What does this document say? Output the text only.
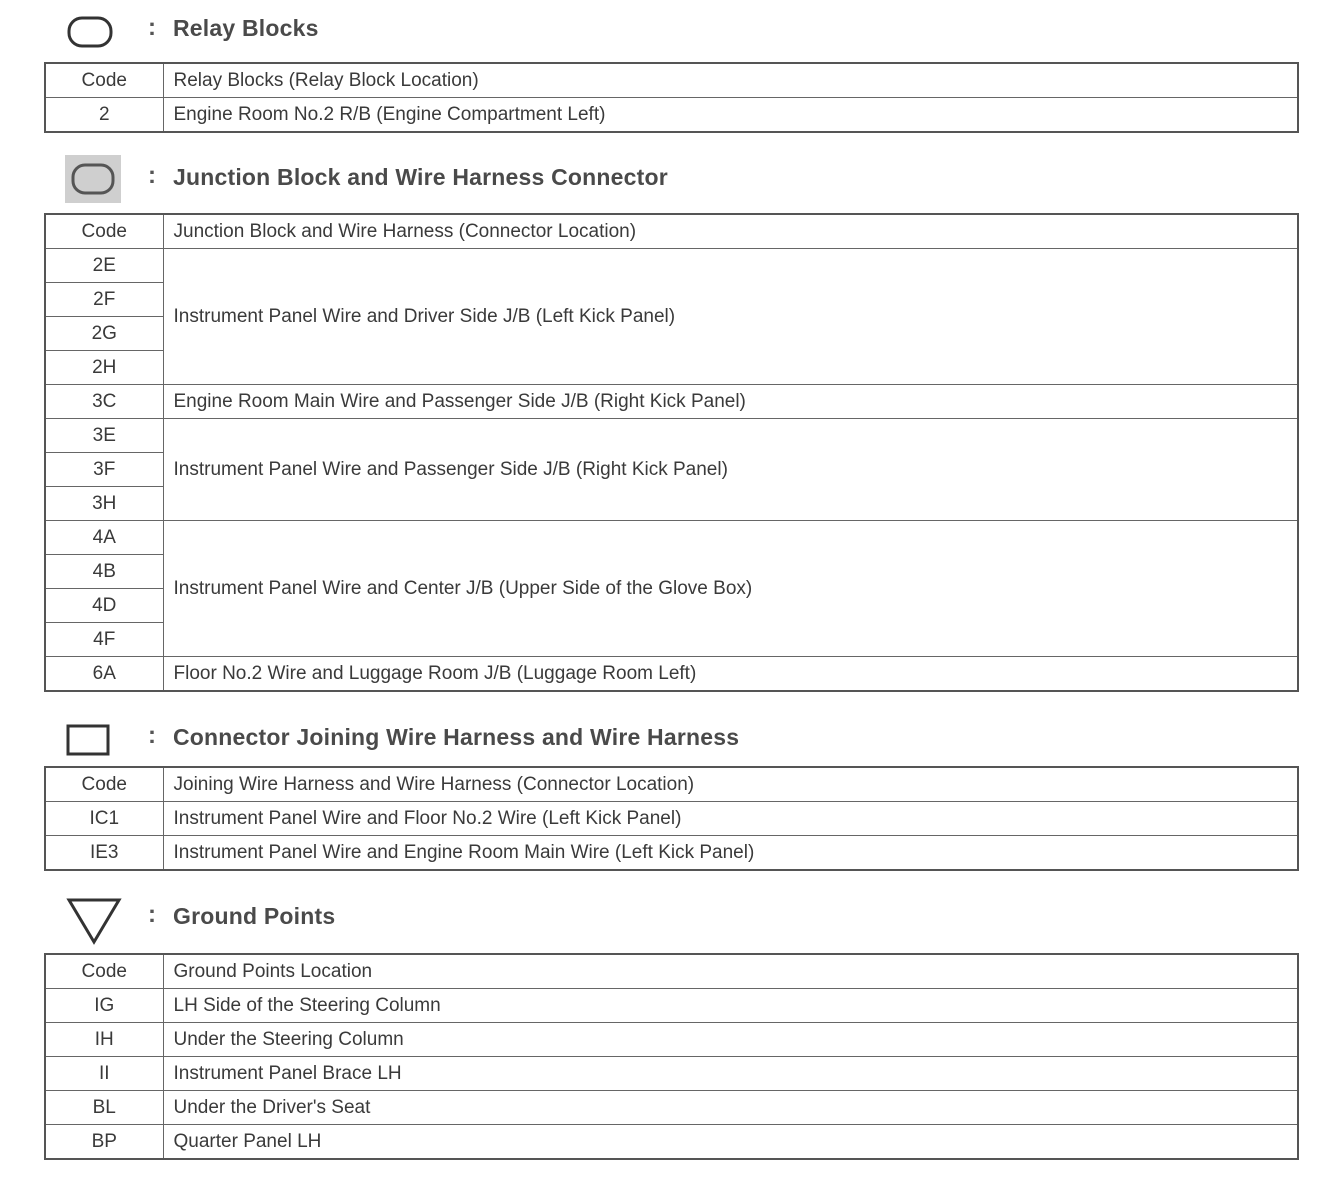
: Relay Blocks
Code	Relay Blocks (Relay Block Location)
2	Engine Room No.2 R/B (Engine Compartment Left)
: Junction Block and Wire Harness Connector
Code	Junction Block and Wire Harness (Connector Location)
2E	Instrument Panel Wire and Driver Side J/B (Left Kick Panel)
2F	
2G	
2H	
3C	Engine Room Main Wire and Passenger Side J/B (Right Kick Panel)
3E	Instrument Panel Wire and Passenger Side J/B (Right Kick Panel)
3F	
3H	
4A	Instrument Panel Wire and Center J/B (Upper Side of the Glove Box)
4B	
4D	
4F	
6A	Floor No.2 Wire and Luggage Room J/B (Luggage Room Left)
: Connector Joining Wire Harness and Wire Harness
Code	Joining Wire Harness and Wire Harness (Connector Location)
IC1	Instrument Panel Wire and Floor No.2 Wire (Left Kick Panel)
IE3	Instrument Panel Wire and Engine Room Main Wire (Left Kick Panel)
: Ground Points
Code	Ground Points Location
IG	LH Side of the Steering Column
IH	Under the Steering Column
II	Instrument Panel Brace LH
BL	Under the Driver's Seat
BP	Quarter Panel LH
